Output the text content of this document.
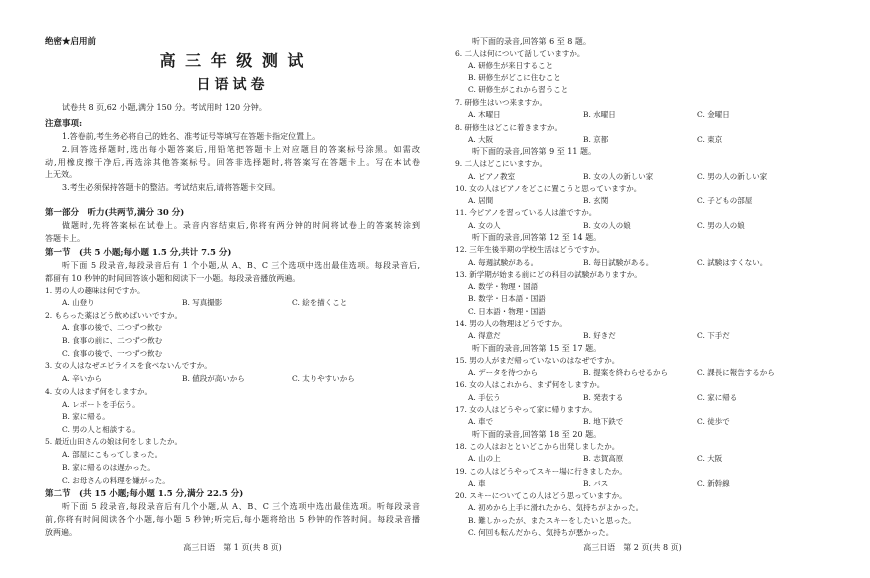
绝密★启用前
高 三 年 级 测 试
日语试卷
试卷共 8 页,62 小题,满分 150 分。考试用时 120 分钟。
注意事项:
1.答卷前,考生务必将自己的姓名、准考证号等填写在答题卡指定位置上。
2.回答选择题时,选出每小题答案后,用铅笔把答题卡上对应题目的答案标号涂黑。如需改
动,用橡皮擦干净后,再选涂其他答案标号。回答非选择题时,将答案写在答题卡上。写在本试卷
上无效。
3.考生必须保持答题卡的整洁。考试结束后,请将答题卡交回。
第一部分　听力(共两节,满分 30 分)
做题时,先将答案标在试卷上。录音内容结束后,你将有两分钟的时间将试卷上的答案转涂到
答题卡上。
第一节　(共 5 小题;每小题 1.5 分,共计 7.5 分)
听下面 5 段录音,每段录音后有 1 个小题,从 A、B、C 三个选项中选出最佳选项。每段录音后,
都留有 10 秒钟的时间回答该小题和阅读下一小题。每段录音播放两遍。
1. 男の人の趣味は何ですか。
A. 山登り	B. 写真撮影	C. 絵を描くこと
2. もらった薬はどう飲めばいいですか。
A. 食事の後で、二つずつ飲む
B. 食事の前に、二つずつ飲む
C. 食事の後で、一つずつ飲む
3. 女の人はなぜエビライスを食べないんですか。
A. 辛いから	B. 値段が高いから	C. 太りやすいから
4. 女の人はまず何をしますか。
A. レポートを手伝う。
B. 家に帰る。
C. 男の人と相談する。
5. 最近山田さんの娘は何をしましたか。
A. 部屋にこもってしまった。
B. 家に帰るのは遅かった。
C. お母さんの料理を嫌がった。
第二节　(共 15 小题;每小题 1.5 分,满分 22.5 分)
听下面 5 段录音,每段录音后有几个小题,从 A、B、C 三个选项中选出最佳选项。听每段录音
前,你将有时间阅读各个小题,每小题 5 秒钟;听完后,每小题将给出 5 秒钟的作答时间。每段录音播
放两遍。
高三日语　第 1 页(共 8 页)
听下面的录音,回答第 6 至 8 题。
6. 二人は何について話していますか。
A. 研修生が来日すること
B. 研修生がどこに住むこと
C. 研修生がこれから習うこと
7. 研修生はいつ来ますか。
A. 木曜日	B. 水曜日	C. 金曜日
8. 研修生はどこに着きますか。
A. 大阪	B. 京都	C. 東京
听下面的录音,回答第 9 至 11 题。
9. 二人はどこにいますか。
A. ピアノ教室	B. 女の人の新しい家	C. 男の人の新しい家
10. 女の人はピアノをどこに置こうと思っていますか。
A. 居間	B. 玄関	C. 子どもの部屋
11. 今ピアノを習っている人は誰ですか。
A. 女の人	B. 女の人の娘	C. 男の人の娘
听下面的录音,回答第 12 至 14 题。
12. 三年生後半期の学校生活はどうですか。
A. 毎週試験がある。	B. 毎日試験がある。	C. 試験はすくない。
13. 新学期が始まる前にどの科目の試験がありますか。
A. 数学・物理・国語
B. 数学・日本語・国語
C. 日本語・物理・国語
14. 男の人の物理はどうですか。
A. 得意だ	B. 好きだ	C. 下手だ
听下面的录音,回答第 15 至 17 题。
15. 男の人がまだ帰っていないのはなぜですか。
A. データを待つから	B. 提案を終わらせるから	C. 課長に報告するから
16. 女の人はこれから、まず何をしますか。
A. 手伝う	B. 発表する	C. 家に帰る
17. 女の人はどうやって家に帰りますか。
A. 車で	B. 地下鉄で	C. 徒歩で
听下面的录音,回答第 18 至 20 题。
18. この人はおとといどこから出発しましたか。
A. 山の上	B. 志賀高原	C. 大阪
19. この人はどうやってスキー場に行きましたか。
A. 車	B. バス	C. 新幹線
20. スキーについてこの人はどう思っていますか。
A. 初めから上手に滑れたから、気持ちがよかった。
B. 難しかったが、またスキーをしたいと思った。
C. 何回も転んだから、気持ちが悪かった。
高三日语　第 2 页(共 8 页)
